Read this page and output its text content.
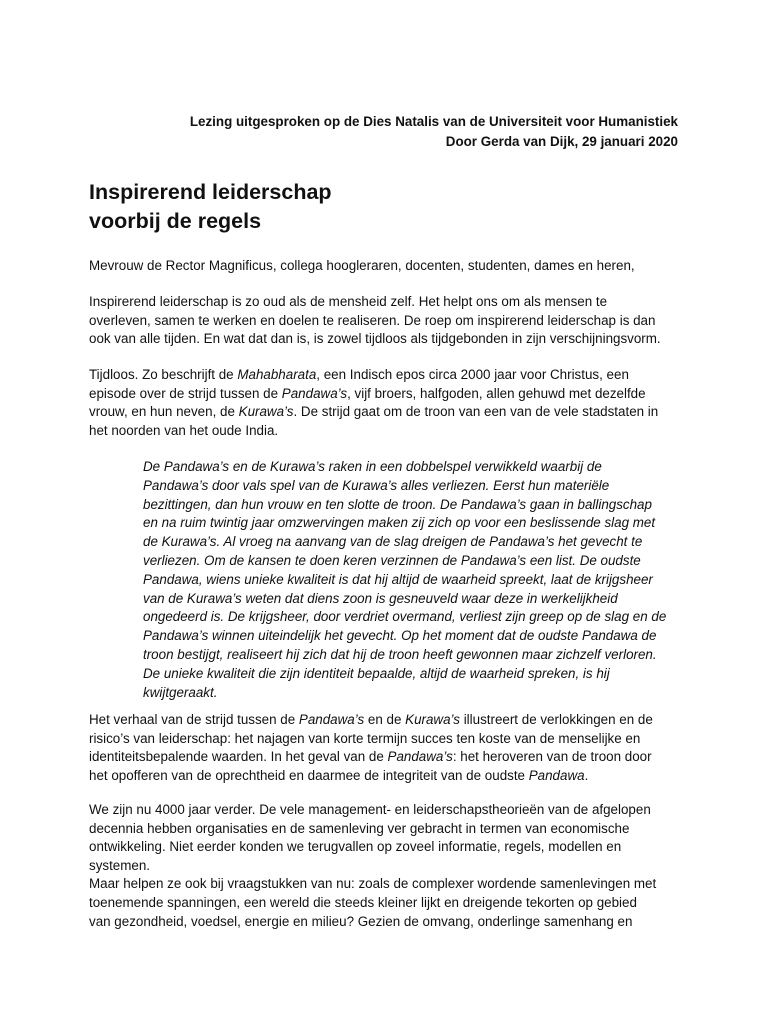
Lezing uitgesproken op de Dies Natalis van de Universiteit voor Humanistiek
Door Gerda van Dijk, 29 januari 2020
Inspirerend leiderschap
voorbij de regels

Mevrouw de Rector Magnificus, collega hoogleraren, docenten, studenten, dames en heren,

Inspirerend leiderschap is zo oud als de mensheid zelf. Het helpt ons om als mensen te
overleven, samen te werken en doelen te realiseren. De roep om inspirerend leiderschap is dan
ook van alle tijden. En wat dat dan is, is zowel tijdloos als tijdgebonden in zijn verschijningsvorm.

Tijdloos. Zo beschrijft de Mahabharata, een Indisch epos circa 2000 jaar voor Christus, een
episode over de strijd tussen de Pandawa’s, vijf broers, halfgoden, allen gehuwd met dezelfde
vrouw, en hun neven, de Kurawa’s. De strijd gaat om de troon van een van de vele stadstaten in
het noorden van het oude India.

De Pandawa’s en de Kurawa’s raken in een dobbelspel verwikkeld waarbij de
Pandawa’s door vals spel van de Kurawa’s alles verliezen. Eerst hun materiële
bezittingen, dan hun vrouw en ten slotte de troon. De Pandawa’s gaan in ballingschap
en na ruim twintig jaar omzwervingen maken zij zich op voor een beslissende slag met
de Kurawa’s. Al vroeg na aanvang van de slag dreigen de Pandawa’s het gevecht te
verliezen. Om de kansen te doen keren verzinnen de Pandawa’s een list. De oudste
Pandawa, wiens unieke kwaliteit is dat hij altijd de waarheid spreekt, laat de krijgsheer
van de Kurawa’s weten dat diens zoon is gesneuveld waar deze in werkelijkheid
ongedeerd is. De krijgsheer, door verdriet overmand, verliest zijn greep op de slag en de
Pandawa’s winnen uiteindelijk het gevecht. Op het moment dat de oudste Pandawa de
troon bestijgt, realiseert hij zich dat hij de troon heeft gewonnen maar zichzelf verloren.
De unieke kwaliteit die zijn identiteit bepaalde, altijd de waarheid spreken, is hij
kwijtgeraakt.

Het verhaal van de strijd tussen de Pandawa’s en de Kurawa’s illustreert de verlokkingen en de
risico’s van leiderschap: het najagen van korte termijn succes ten koste van de menselijke en
identiteitsbepalende waarden. In het geval van de Pandawa’s: het heroveren van de troon door
het opofferen van de oprechtheid en daarmee de integriteit van de oudste Pandawa.

We zijn nu 4000 jaar verder. De vele management- en leiderschapstheorieën van de afgelopen
decennia hebben organisaties en de samenleving ver gebracht in termen van economische
ontwikkeling. Niet eerder konden we terugvallen op zoveel informatie, regels, modellen en
systemen.
Maar helpen ze ook bij vraagstukken van nu: zoals de complexer wordende samenlevingen met
toenemende spanningen, een wereld die steeds kleiner lijkt en dreigende tekorten op gebied
van gezondheid, voedsel, energie en milieu? Gezien de omvang, onderlinge samenhang en
